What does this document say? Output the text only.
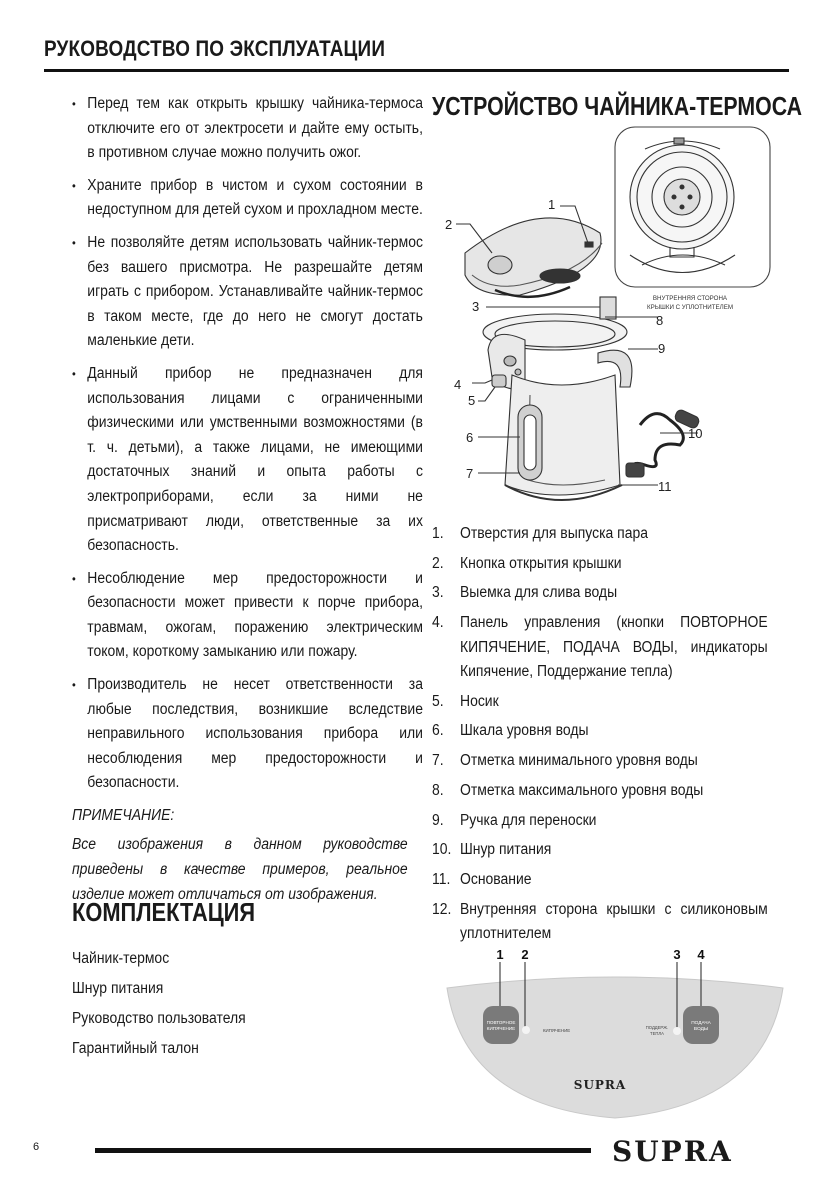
РУКОВОДСТВО ПО ЭКСПЛУАТАЦИИ
• Перед тем как открыть крышку чайника-термоса отключите его от электросети и дайте ему остыть, в противном случае можно получить ожог.
• Храните прибор в чистом и сухом состоянии в недоступном для детей сухом и прохладном месте.
• Не позволяйте детям использовать чайник-термос без вашего присмотра. Не разрешайте детям играть с прибором. Устанавливайте чайник-термос в таком месте, где до него не смогут достать маленькие дети.
• Данный прибор не предназначен для использования лицами с ограниченными физическими или умственными возможностями (в т. ч. детьми), а также лицами, не имеющими достаточных знаний и опыта работы с электроприборами, если за ними не присматривают люди, ответственные за их безопасность.
• Несоблюдение мер предосторожности и безопасности может привести к порче прибора, травмам, ожогам, поражению электрическим током, короткому замыканию или пожару.
• Производитель не несет ответственности за любые последствия, возникшие вследствие неправильного использования прибора или несоблюдения мер предосторожности и безопасности.
ПРИМЕЧАНИЕ:
Все изображения в данном руководстве приведены в качестве примеров, реальное изделие может отличаться от изображения.
КОМПЛЕКТАЦИЯ
Чайник-термос
Шнур питания
Руководство пользователя
Гарантийный талон
УСТРОЙСТВО ЧАЙНИКА-ТЕРМОСА
1
2
3
4
5
6
7
8
9
10
11
ВНУТРЕННЯЯ СТОРОНА
КРЫШКИ С УПЛОТНИТЕЛЕМ
1. Отверстия для выпуска пара
2. Кнопка открытия крышки
3. Выемка для слива воды
4. Панель управления (кнопки ПОВТОРНОЕ КИПЯЧЕНИЕ, ПОДАЧА ВОДЫ, индикаторы Кипячение, Поддержание тепла)
5. Носик
6. Шкала уровня воды
7. Отметка минимального уровня воды
8. Отметка максимального уровня воды
9. Ручка для переноски
10. Шнур питания
11. Основание
12. Внутренняя сторона крышки с силиконовым уплотнителем
1 2	3 4
ПОВТОРНОЕ
КИПЯЧЕНИЕ	КИПЯЧЕНИЕ
ПОДДЕРЖ.
ТЕПЛА
ПОДАЧА
ВОДЫ
SUPRA
6	SUPRA
